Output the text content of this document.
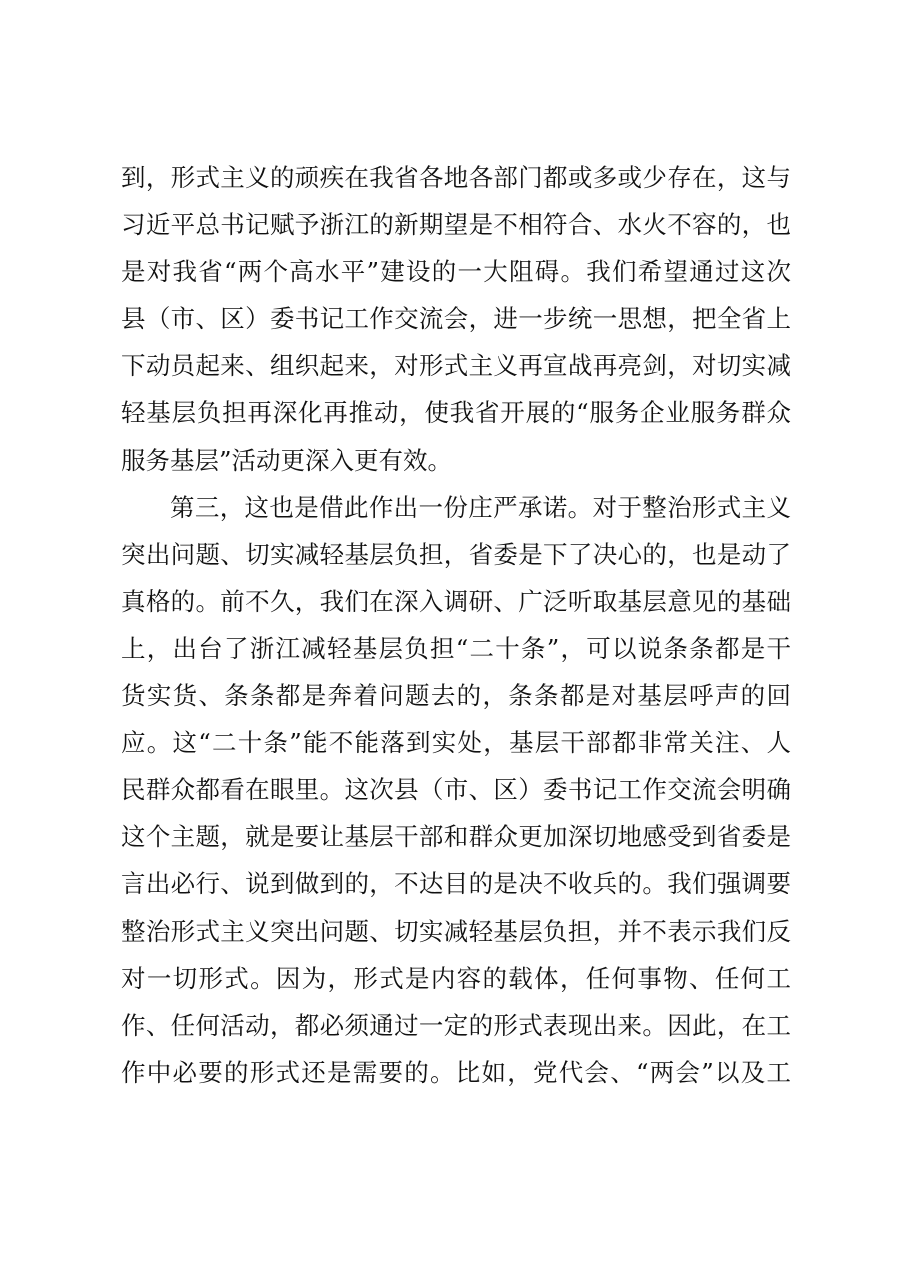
到，形式主义的顽疾在我省各地各部门都或多或少存在，这与
习近平总书记赋予浙江的新期望是不相符合、水火不容的，也
是对我省“两个高水平”建设的一大阻碍。我们希望通过这次
县（市、区）委书记工作交流会，进一步统一思想，把全省上
下动员起来、组织起来，对形式主义再宣战再亮剑，对切实减
轻基层负担再深化再推动，使我省开展的“服务企业服务群众
服务基层”活动更深入更有效。
第三，这也是借此作出一份庄严承诺。对于整治形式主义
突出问题、切实减轻基层负担，省委是下了决心的，也是动了
真格的。前不久，我们在深入调研、广泛听取基层意见的基础
上，出台了浙江减轻基层负担“二十条”，可以说条条都是干
货实货、条条都是奔着问题去的，条条都是对基层呼声的回
应。这“二十条”能不能落到实处，基层干部都非常关注、人
民群众都看在眼里。这次县（市、区）委书记工作交流会明确
这个主题，就是要让基层干部和群众更加深切地感受到省委是
言出必行、说到做到的，不达目的是决不收兵的。我们强调要
整治形式主义突出问题、切实减轻基层负担，并不表示我们反
对一切形式。因为，形式是内容的载体，任何事物、任何工
作、任何活动，都必须通过一定的形式表现出来。因此，在工
作中必要的形式还是需要的。比如，党代会、“两会”以及工
